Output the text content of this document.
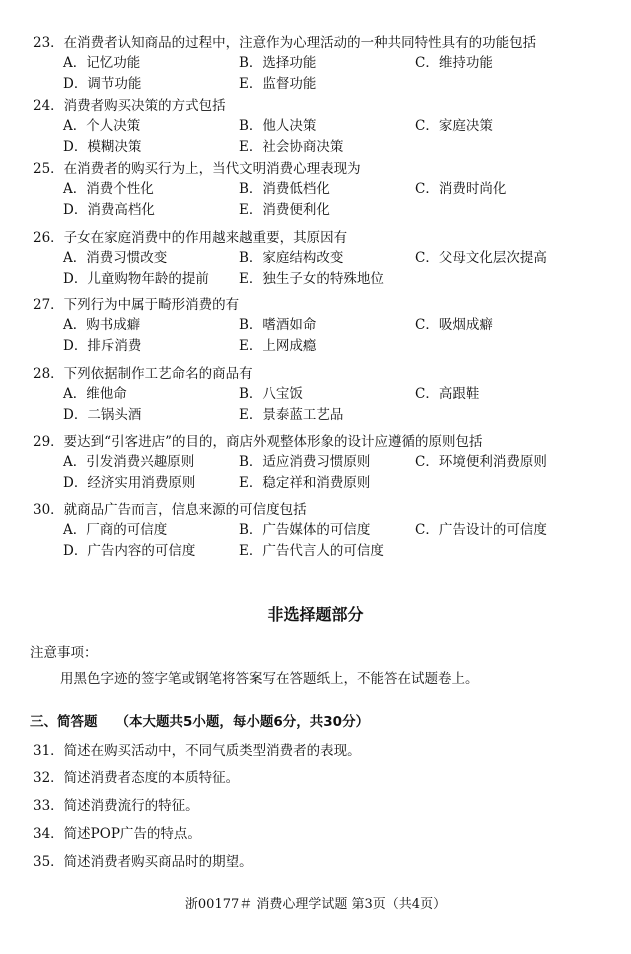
23．在消费者认知商品的过程中，注意作为心理活动的一种共同特性具有的功能包括
A．记忆功能	B．选择功能	C．维持功能
D．调节功能	E．监督功能
24．消费者购买决策的方式包括
A．个人决策	B．他人决策	C．家庭决策
D．模糊决策	E．社会协商决策
25．在消费者的购买行为上，当代文明消费心理表现为
A．消费个性化	B．消费低档化	C．消费时尚化
D．消费高档化	E．消费便利化
26．子女在家庭消费中的作用越来越重要，其原因有
A．消费习惯改变	B．家庭结构改变	C．父母文化层次提高
D．儿童购物年龄的提前 E．独生子女的特殊地位
27．下列行为中属于畸形消费的有
A．购书成癖	B．嗜酒如命	C．吸烟成癖
D．排斥消费	E．上网成瘾
28．下列依据制作工艺命名的商品有
A．维他命	B．八宝饭	C．高跟鞋
D．二锅头酒	E．景泰蓝工艺品
29．要达到“引客进店”的目的，商店外观整体形象的设计应遵循的原则包括
A．引发消费兴趣原则	B．适应消费习惯原则	C．环境便利消费原则
D．经济实用消费原则	E．稳定祥和消费原则
30．就商品广告而言，信息来源的可信度包括
A．厂商的可信度	B．广告媒体的可信度	C．广告设计的可信度
D．广告内容的可信度	E．广告代言人的可信度
非选择题部分
注意事项：
用黑色字迹的签字笔或钢笔将答案写在答题纸上，不能答在试题卷上。
三、简答题 （本大题共5小题，每小题6分，共30分）
31．简述在购买活动中，不同气质类型消费者的表现。
32．简述消费者态度的本质特征。
33．简述消费流行的特征。
34．简述POP广告的特点。
35．简述消费者购买商品时的期望。
浙00177＃ 消费心理学试题 第3页（共4页）
